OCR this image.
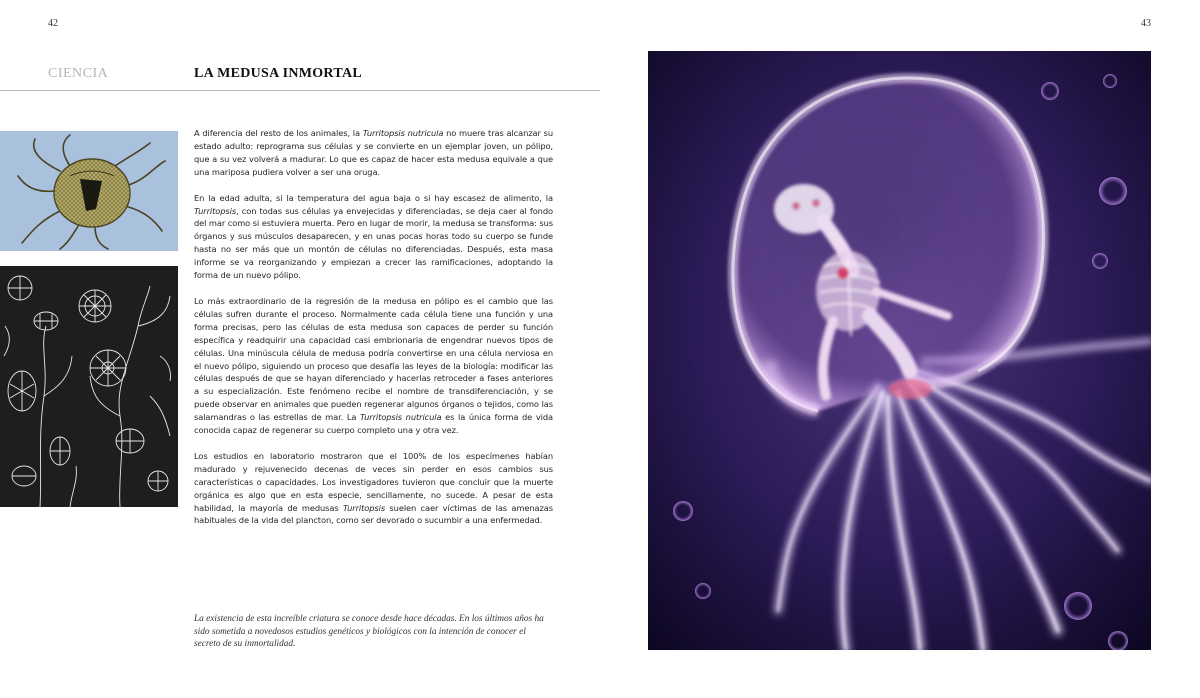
42
CIENCIA	LA MEDUSA INMORTAL

A diferencia del resto de los animales, la Turritopsis nutricula no muere tras alcanzar su estado adulto: reprograma sus células y se convierte en un ejemplar joven, un pólipo, que a su vez volverá a madurar. Lo que es capaz de hacer esta medusa equivale a que una mariposa pudiera volver a ser una oruga.

En la edad adulta, si la temperatura del agua baja o si hay escasez de alimento, la Turritopsis, con todas sus células ya envejecidas y diferenciadas, se deja caer al fondo del mar como si estuviera muerta. Pero en lugar de morir, la medusa se transforma: sus órganos y sus músculos desaparecen, y en unas pocas horas todo su cuerpo se funde hasta no ser más que un montón de células no diferenciadas. Después, esta masa informe se va reorganizando y empiezan a crecer las ramificaciones, adoptando la forma de un nuevo pólipo.

Lo más extraordinario de la regresión de la medusa en pólipo es el cambio que las células sufren durante el proceso. Normalmente cada célula tiene una función y una forma precisas, pero las células de esta medusa son capaces de perder su función específica y readquirir una capacidad casi embrionaria de engendrar nuevos tipos de células. Una minúscula célula de medusa podría convertirse en una célula nerviosa en el nuevo pólipo, siguiendo un proceso que desafía las leyes de la biología: modificar las células después de que se hayan diferenciado y hacerlas retroceder a fases anteriores a su especialización. Este fenómeno recibe el nombre de transdiferenciación, y se puede observar en animales que pueden regenerar algunos órganos o tejidos, como las salamandras o las estrellas de mar. La Turritopsis nutricula es la única forma de vida conocida capaz de regenerar su cuerpo completo una y otra vez.

Los estudios en laboratorio mostraron que el 100% de los especímenes habían madurado y rejuvenecido decenas de veces sin perder en esos cambios sus características o capacidades. Los investigadores tuvieron que concluir que la muerte orgánica es algo que en esta especie, sencillamente, no sucede. A pesar de esta habilidad, la mayoría de medusas Turritopsis suelen caer víctimas de las amenazas habituales de la vida del plancton, como ser devorado o sucumbir a una enfermedad.

La existencia de esta increíble criatura se conoce desde hace décadas. En los últimos años ha sido sometida a novedosos estudios genéticos y biológicos con la intención de conocer el secreto de su inmortalidad.
43
